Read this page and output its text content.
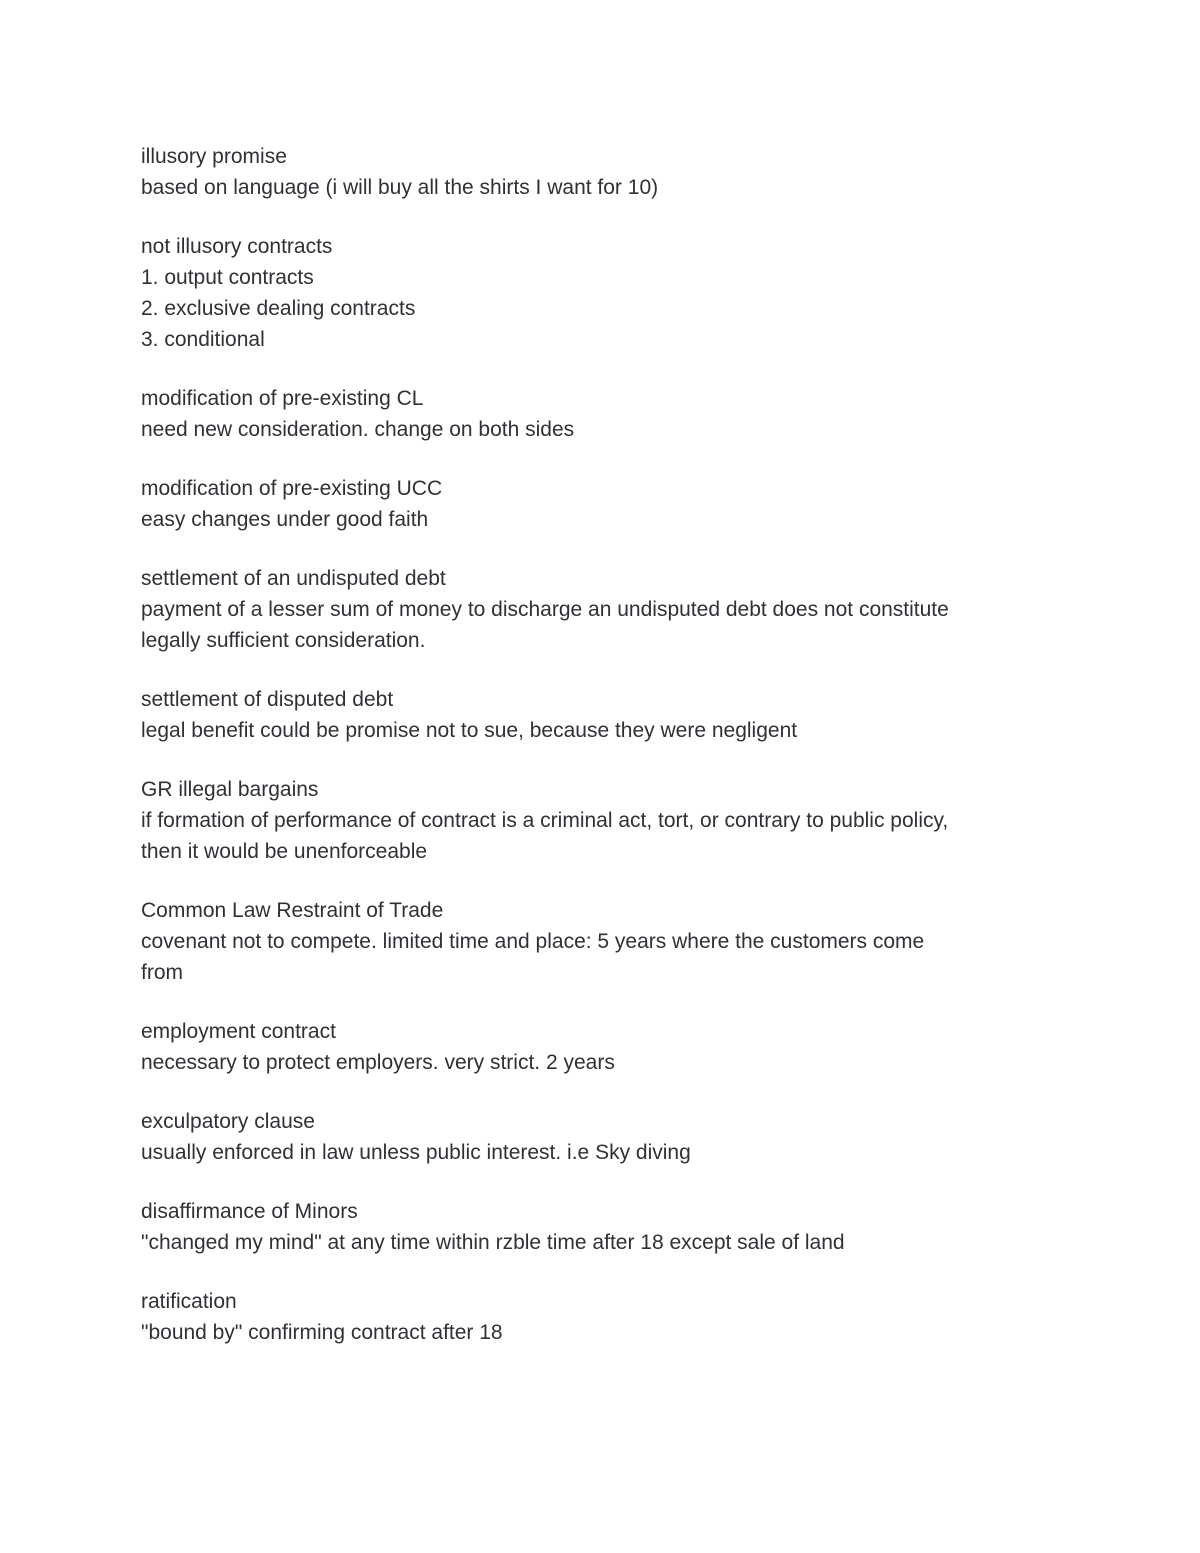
illusory promise
based on language (i will buy all the shirts I want for 10)
not illusory contracts
1. output contracts
2. exclusive dealing contracts
3. conditional
modification of pre-existing CL
need new consideration. change on both sides
modification of pre-existing UCC
easy changes under good faith
settlement of an undisputed debt
payment of a lesser sum of money to discharge an undisputed debt does not constitute
legally sufficient consideration.
settlement of disputed debt
legal benefit could be promise not to sue, because they were negligent
GR illegal bargains
if formation of performance of contract is a criminal act, tort, or contrary to public policy,
then it would be unenforceable
Common Law Restraint of Trade
covenant not to compete. limited time and place: 5 years where the customers come
from
employment contract
necessary to protect employers. very strict. 2 years
exculpatory clause
usually enforced in law unless public interest. i.e Sky diving
disaffirmance of Minors
"changed my mind" at any time within rzble time after 18 except sale of land
ratification
"bound by" confirming contract after 18
